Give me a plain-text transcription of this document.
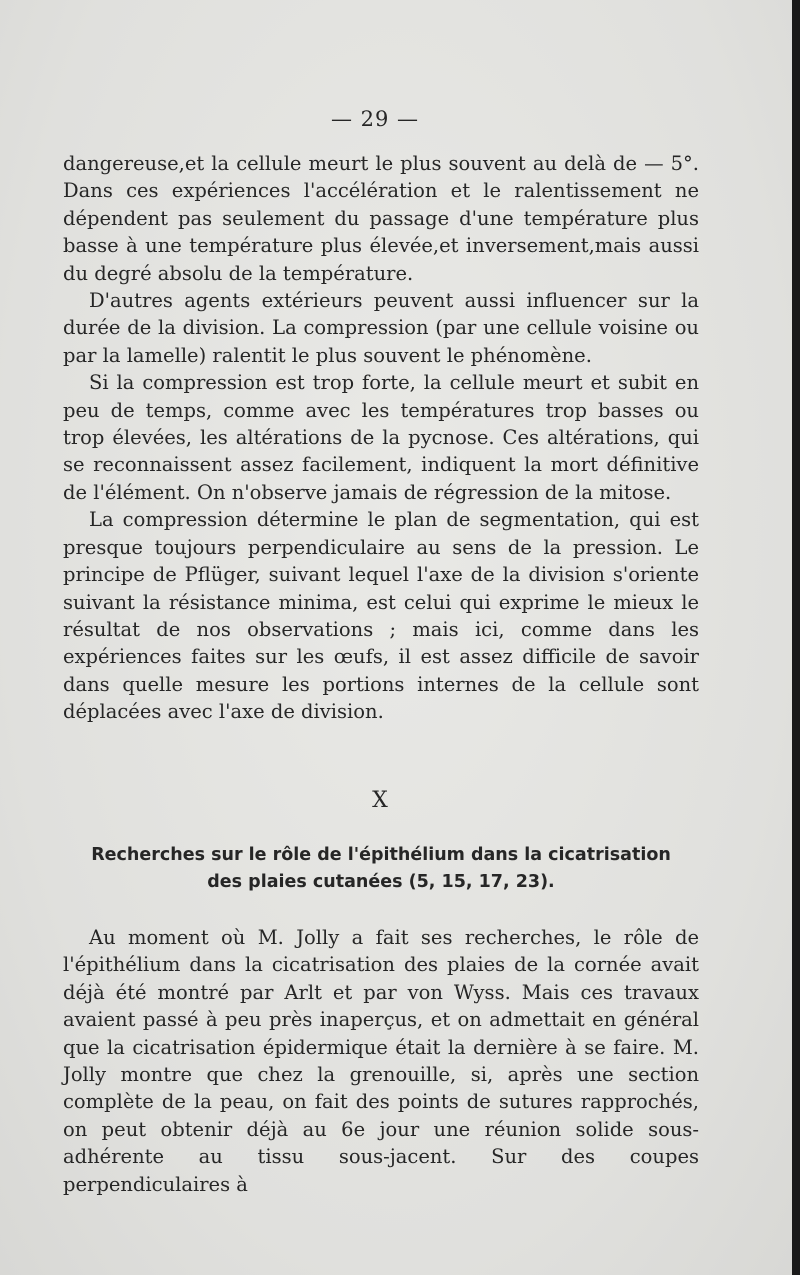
— 29 —

dangereuse,et la cellule meurt le plus souvent au delà de — 5°. Dans ces expériences l'accélération et le ralentissement ne dépendent pas seulement du passage d'une température plus basse à une température plus élevée,et inversement,mais aussi du degré absolu de la température.

D'autres agents extérieurs peuvent aussi influencer sur la durée de la division. La compression (par une cellule voisine ou par la lamelle) ralentit le plus souvent le phénomène.

Si la compression est trop forte, la cellule meurt et subit en peu de temps, comme avec les températures trop basses ou trop élevées, les altérations de la pycnose. Ces altérations, qui se reconnaissent assez facilement, indiquent la mort définitive de l'élément. On n'observe jamais de régression de la mitose.

La compression détermine le plan de segmentation, qui est presque toujours perpendiculaire au sens de la pression. Le principe de Pflüger, suivant lequel l'axe de la division s'oriente suivant la résistance minima, est celui qui exprime le mieux le résultat de nos observations ; mais ici, comme dans les expériences faites sur les œufs, il est assez difficile de savoir dans quelle mesure les portions internes de la cellule sont déplacées avec l'axe de division.

X
Recherches sur le rôle de l'épithélium dans la cicatrisation
des plaies cutanées (5, 15, 17, 23).

Au moment où M. Jolly a fait ses recherches, le rôle de l'épithélium dans la cicatrisation des plaies de la cornée avait déjà été montré par Arlt et par von Wyss. Mais ces travaux avaient passé à peu près inaperçus, et on admettait en général que la cicatrisation épidermique était la dernière à se faire. M. Jolly montre que chez la grenouille, si, après une section complète de la peau, on fait des points de sutures rapprochés, on peut obtenir déjà au 6e jour une réunion solide sous-adhérente au tissu sous-jacent. Sur des coupes perpendiculaires à
